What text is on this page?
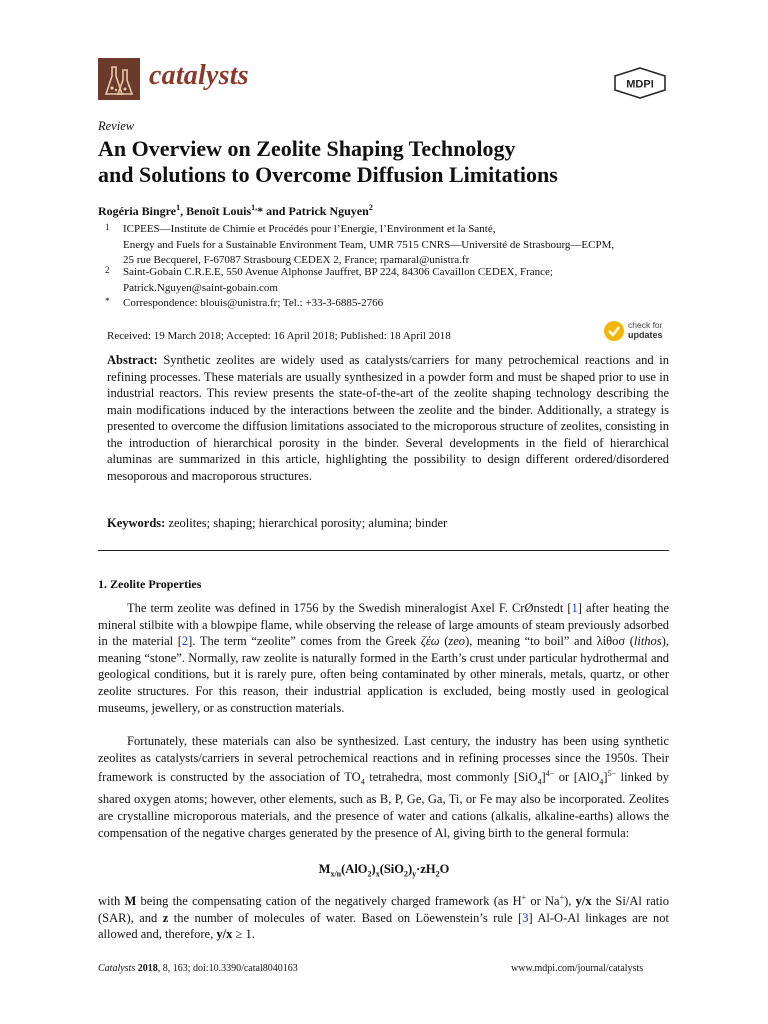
catalysts	MDPI
Review
An Overview on Zeolite Shaping Technology
and Solutions to Overcome Diffusion Limitations
Rogéria Bingre$^1$, Benoît Louis$^{1,}$* and Patrick Nguyen$^2$
1 ICPEES—Institute de Chimie et Procédés pour l’Energie, l’Environment et la Santé,
Energy and Fuels for a Sustainable Environment Team, UMR 7515 CNRS—Université de Strasbourg—ECPM,
25 rue Becquerel, F-67087 Strasbourg CEDEX 2, France; rpamaral@unistra.fr
2 Saint-Gobain C.R.E.E, 550 Avenue Alphonse Jauffret, BP 224, 84306 Cavaillon CEDEX, France;
Patrick.Nguyen@saint-gobain.com
* Correspondence: blouis@unistra.fr; Tel.: +33-3-6885-2766
Received: 19 March 2018; Accepted: 16 April 2018; Published: 18 April 2018
check for
updates
Abstract: Synthetic zeolites are widely used as catalysts/carriers for many petrochemical reactions and in refining processes. These materials are usually synthesized in a powder form and must be shaped prior to use in industrial reactors. This review presents the state-of-the-art of the zeolite shaping technology describing the main modifications induced by the interactions between the zeolite and the binder. Additionally, a strategy is presented to overcome the diffusion limitations associated to the microporous structure of zeolites, consisting in the introduction of hierarchical porosity in the binder. Several developments in the field of hierarchical aluminas are summarized in this article, highlighting the possibility to design different ordered/disordered mesoporous and macroporous structures.
Keywords: zeolites; shaping; hierarchical porosity; alumina; binder
1. Zeolite Properties
The term zeolite was defined in 1756 by the Swedish mineralogist Axel F. CrØnstedt [1] after heating the mineral stilbite with a blowpipe flame, while observing the release of large amounts of steam previously adsorbed in the material [2]. The term “zeolite” comes from the Greek ζέω (zeo), meaning “to boil” and λίθοσ (lithos), meaning “stone”. Normally, raw zeolite is naturally formed in the Earth’s crust under particular hydrothermal and geological conditions, but it is rarely pure, often being contaminated by other minerals, metals, quartz, or other zeolite structures. For this reason, their industrial application is excluded, being mostly used in geological museums, jewellery, or as construction materials.
Fortunately, these materials can also be synthesized. Last century, the industry has been using synthetic zeolites as catalysts/carriers in several petrochemical reactions and in refining processes since the 1950s. Their framework is constructed by the association of $TO_4$ tetrahedra, most commonly $[SiO_4]^{4-}$ or $[AlO_4]^{5-}$ linked by shared oxygen atoms; however, other elements, such as B, P, Ge, Ga, Ti, or Fe may also be incorporated. Zeolites are crystalline microporous materials, and the presence of water and cations (alkalis, alkaline-earths) allows the compensation of the negative charges generated by the presence of Al, giving birth to the general formula:
$M_{x/n}(AlO_2)_x(SiO_2)_y\cdot zH_2O$
with M being the compensating cation of the negatively charged framework (as H+ or Na+), y/x the Si/Al ratio (SAR), and z the number of molecules of water. Based on Löewenstein’s rule [3] Al-O-Al linkages are not allowed and, therefore, y/x ≥ 1.
Catalysts 2018, 8, 163; doi:10.3390/catal8040163	www.mdpi.com/journal/catalysts
